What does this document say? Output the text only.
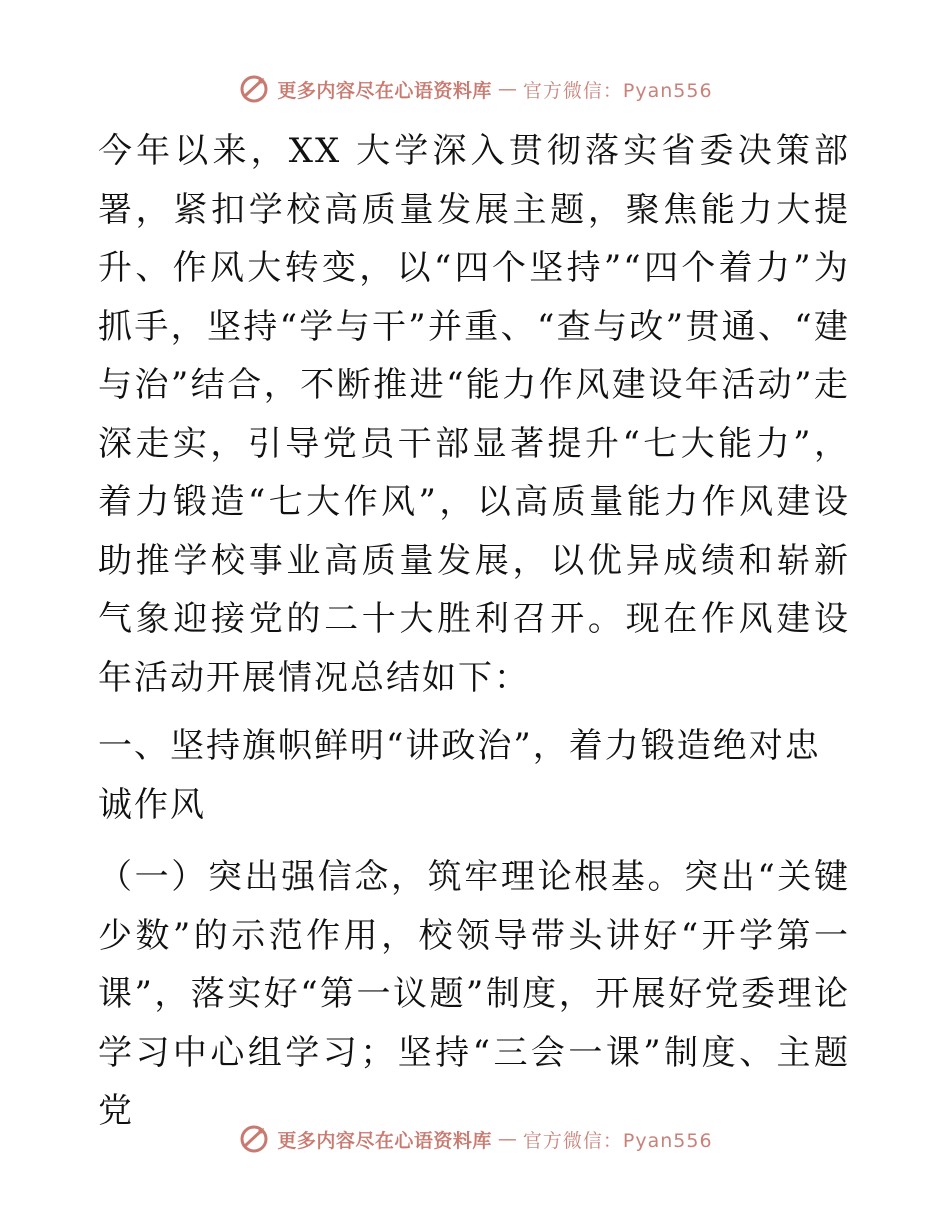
更多内容尽在心语资料库 — 官方微信：Pyan556

今年以来，XX 大学深入贯彻落实省委决策部署，紧扣学校高质量发展主题，聚焦能力大提升、作风大转变，以“四个坚持”“四个着力”为抓手，坚持“学与干”并重、“查与改”贯通、“建与治”结合，不断推进“能力作风建设年活动”走深走实，引导党员干部显著提升“七大能力”，着力锻造“七大作风”，以高质量能力作风建设助推学校事业高质量发展，以优异成绩和崭新气象迎接党的二十大胜利召开。现在作风建设年活动开展情况总结如下：

一、坚持旗帜鲜明“讲政治”，着力锻造绝对忠诚作风

（一）突出强信念，筑牢理论根基。突出“关键少数”的示范作用，校领导带头讲好“开学第一课”，落实好“第一议题”制度，开展好党委理论学习中心组学习；坚持“三会一课”制度、主题党

更多内容尽在心语资料库 — 官方微信：Pyan556
